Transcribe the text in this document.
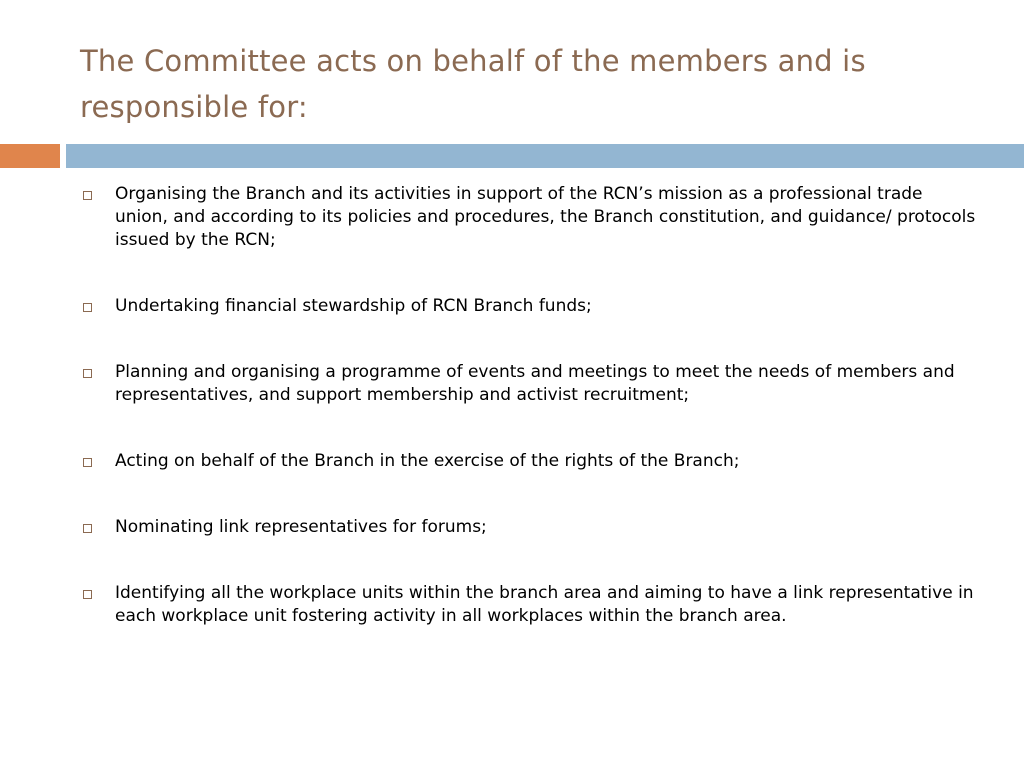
The Committee acts on behalf of the members and is responsible for:
Organising the Branch and its activities in support of the RCN’s mission as a professional trade union, and according to its policies and procedures, the Branch constitution, and guidance/ protocols issued by the RCN;
Undertaking financial stewardship of RCN Branch funds;
Planning and organising a programme of events and meetings to meet the needs of members and representatives, and support membership and activist recruitment;
Acting on behalf of the Branch in the exercise of the rights of the Branch;
Nominating link representatives for forums;
Identifying all the workplace units within the branch area and aiming to have a link representative in each workplace unit fostering activity in all workplaces within the branch area.
